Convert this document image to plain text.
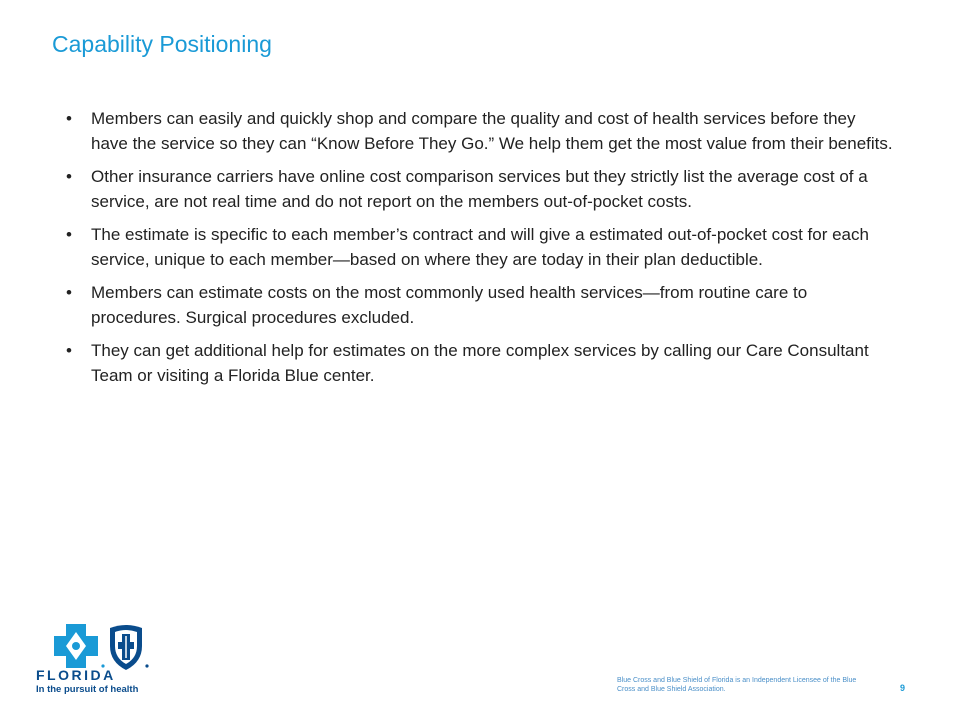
Capability Positioning
• Members can easily and quickly shop and compare the quality and cost of health services before they have the service so they can “Know Before They Go.” We help them get the most value from their benefits.
• Other insurance carriers have online cost comparison services but they strictly list the average cost of a service, are not real time and do not report on the members out-of-pocket costs.
• The estimate is specific to each member’s contract and will give a estimated out-of-pocket cost for each service, unique to each member—based on where they are today in their plan deductible.
• Members can estimate costs on the most commonly used health services—from routine care to procedures. Surgical procedures excluded.
• They can get additional help for estimates on the more complex services by calling our Care Consultant Team or visiting a Florida Blue center.
FLORIDA
In the pursuit of health
Blue Cross and Blue Shield of Florida is an Independent Licensee of the Blue Cross and Blue Shield Association.	9
